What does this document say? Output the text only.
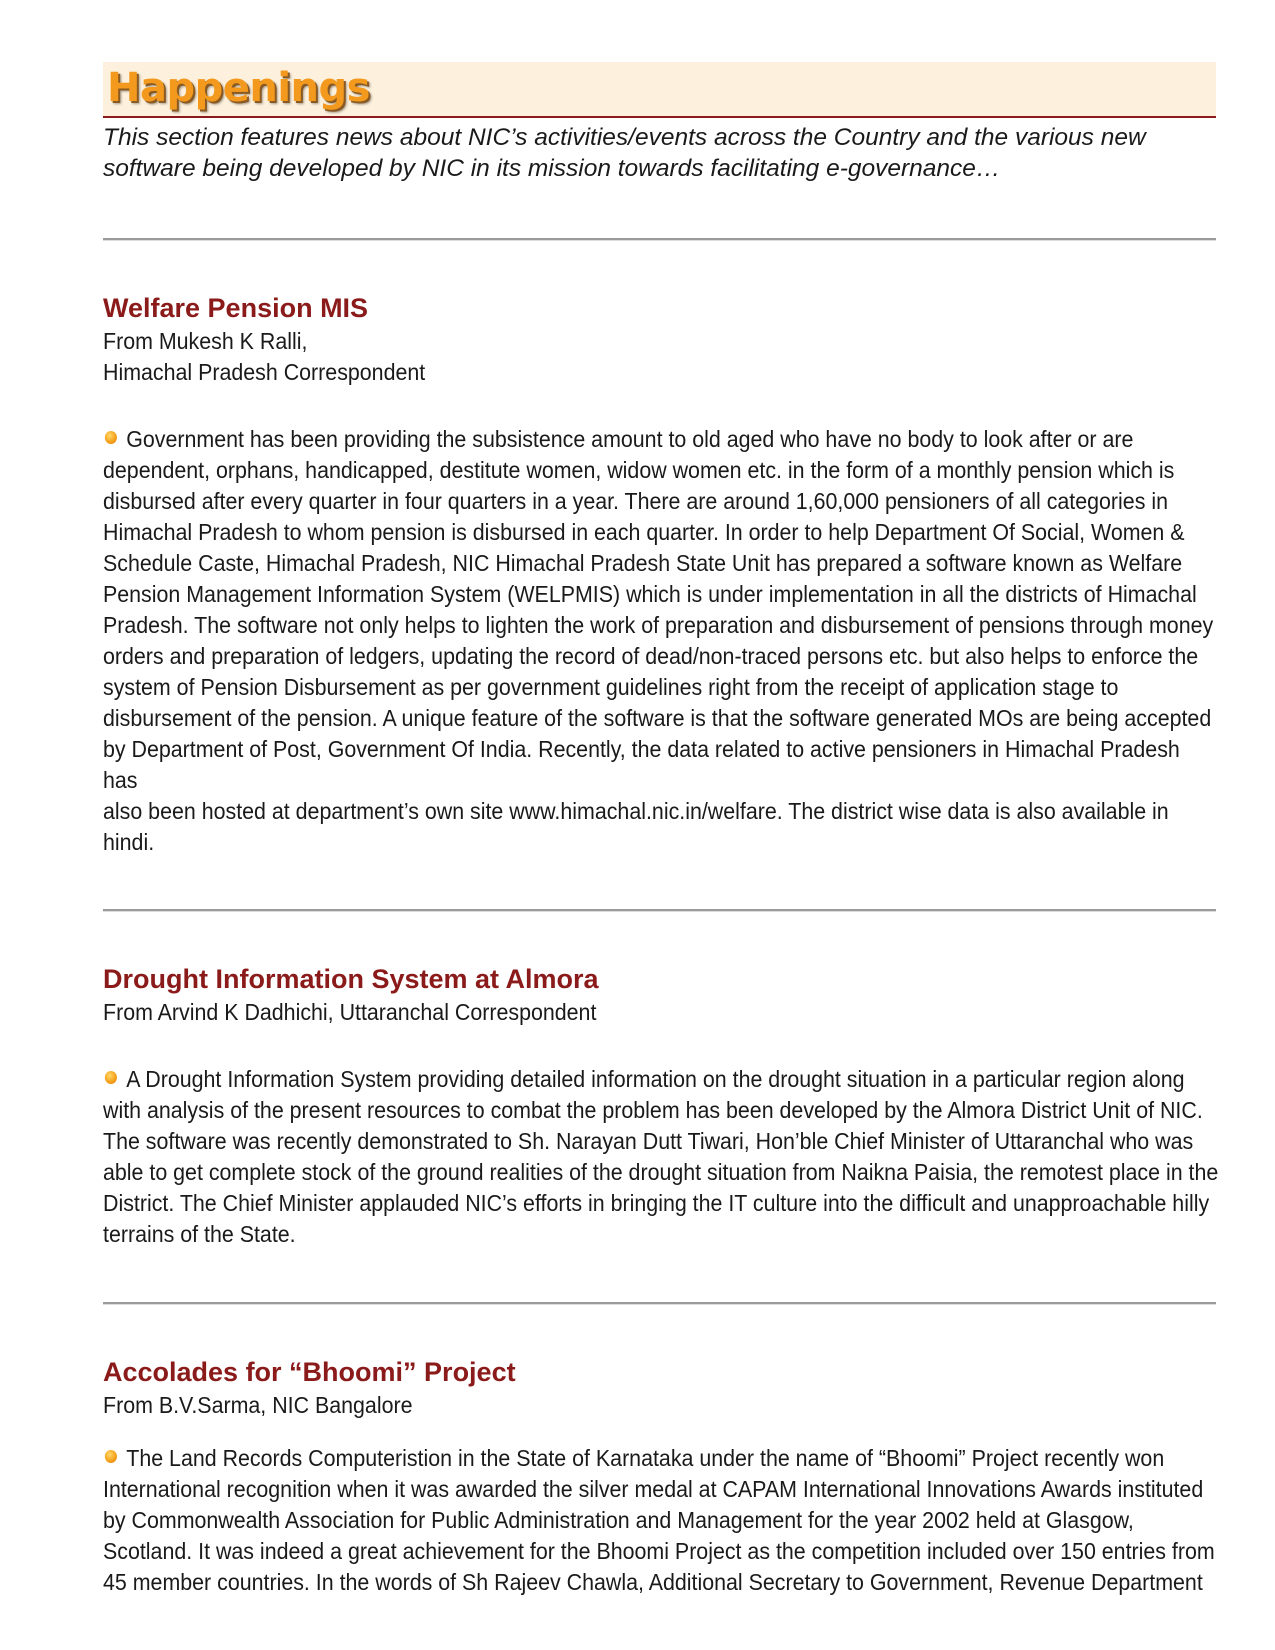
Happenings

This section features news about NIC’s activities/events across the Country and the various new
software being developed by NIC in its mission towards facilitating e-governance…

Welfare Pension MIS

From Mukesh K Ralli,
Himachal Pradesh Correspondent

Government has been providing the subsistence amount to old aged who have no body to look after or are
dependent, orphans, handicapped, destitute women, widow women etc. in the form of a monthly pension which is
disbursed after every quarter in four quarters in a year. There are around 1,60,000 pensioners of all categories in
Himachal Pradesh to whom pension is disbursed in each quarter. In order to help Department Of Social, Women &
Schedule Caste, Himachal Pradesh, NIC Himachal Pradesh State Unit has prepared a software known as Welfare
Pension Management Information System (WELPMIS) which is under implementation in all the districts of Himachal
Pradesh. The software not only helps to lighten the work of preparation and disbursement of pensions through money
orders and preparation of ledgers, updating the record of dead/non-traced persons etc. but also helps to enforce the
system of Pension Disbursement as per government guidelines right from the receipt of application stage to
disbursement of the pension. A unique feature of the software is that the software generated MOs are being accepted
by Department of Post, Government Of India. Recently, the data related to active pensioners in Himachal Pradesh has
also been hosted at department’s own site www.himachal.nic.in/welfare. The district wise data is also available in hindi.

Drought Information System at Almora

From Arvind K Dadhichi, Uttaranchal Correspondent

A Drought Information System providing detailed information on the drought situation in a particular region along
with analysis of the present resources to combat the problem has been developed by the Almora District Unit of NIC.
The software was recently demonstrated to Sh. Narayan Dutt Tiwari, Hon’ble Chief Minister of Uttaranchal who was
able to get complete stock of the ground realities of the drought situation from Naikna Paisia, the remotest place in the
District. The Chief Minister applauded NIC’s efforts in bringing the IT culture into the difficult and unapproachable hilly
terrains of the State.

Accolades for “Bhoomi” Project

From B.V.Sarma, NIC Bangalore

The Land Records Computeristion in the State of Karnataka under the name of “Bhoomi” Project recently won
International recognition when it was awarded the silver medal at CAPAM International Innovations Awards instituted
by Commonwealth Association for Public Administration and Management for the year 2002 held at Glasgow,
Scotland. It was indeed a great achievement for the Bhoomi Project as the competition included over 150 entries from
45 member countries. In the words of Sh Rajeev Chawla, Additional Secretary to Government, Revenue Department
